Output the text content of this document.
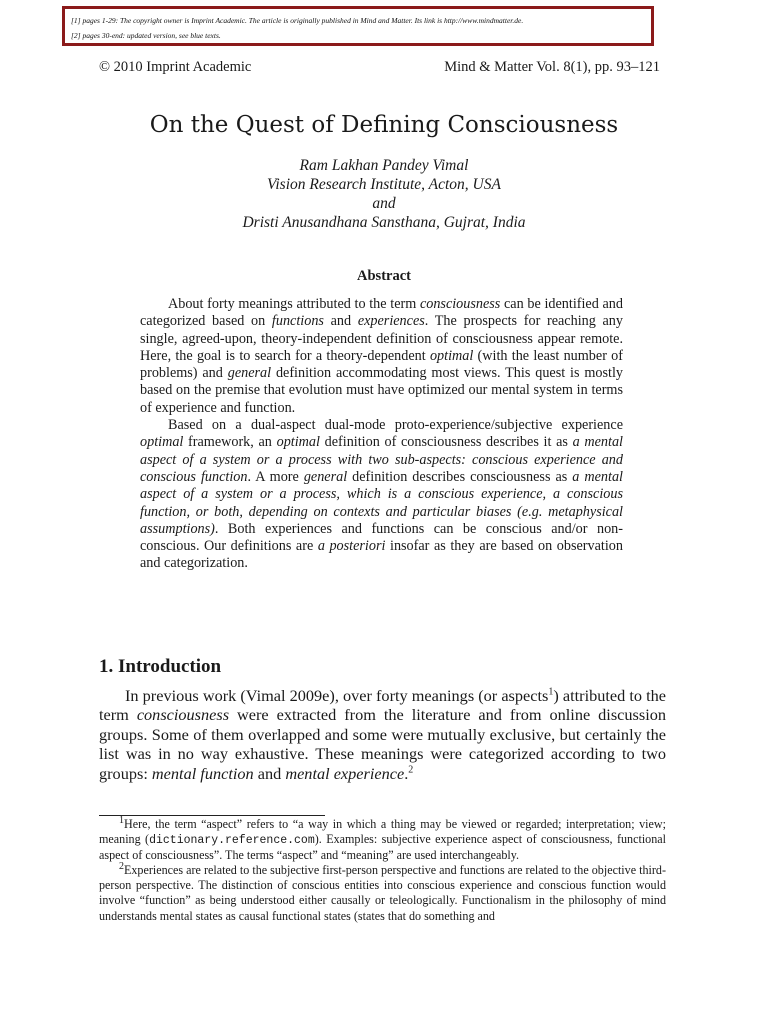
[1] pages 1-29: The copyright owner is Imprint Academic. The article is originally published in Mind and Matter. Its link is http://www.mindmatter.de.
[2] pages 30-end: updated version, see blue texts.
© 2010 Imprint Academic	Mind & Matter Vol. 8(1), pp. 93–121
On the Quest of Defining Consciousness
Ram Lakhan Pandey Vimal
Vision Research Institute, Acton, USA
and
Dristi Anusandhana Sansthana, Gujrat, India
Abstract

About forty meanings attributed to the term consciousness can be identified and categorized based on functions and experiences. The prospects for reaching any single, agreed-upon, theory-independent definition of consciousness appear remote. Here, the goal is to search for a theory-dependent optimal (with the least number of problems) and general definition accommodating most views. This quest is mostly based on the premise that evolution must have optimized our mental system in terms of experience and function.

Based on a dual-aspect dual-mode proto-experience/subjective experience optimal framework, an optimal definition of consciousness describes it as a mental aspect of a system or a process with two sub-aspects: conscious experience and conscious function. A more general definition describes consciousness as a mental aspect of a system or a process, which is a conscious experience, a conscious function, or both, depending on contexts and particular biases (e.g. metaphysical assumptions). Both experiences and functions can be conscious and/or non-conscious. Our definitions are a posteriori insofar as they are based on observation and categorization.

1. Introduction

In previous work (Vimal 2009e), over forty meanings (or aspects$^1$) attributed to the term consciousness were extracted from the literature and from online discussion groups. Some of them overlapped and some were mutually exclusive, but certainly the list was in no way exhaustive. These meanings were categorized according to two groups: mental function and mental experience.$^2$

$^1$Here, the term “aspect” refers to “a way in which a thing may be viewed or regarded; interpretation; view; meaning (dictionary.reference.com). Examples: subjective experience aspect of consciousness, functional aspect of consciousness”. The terms “aspect” and “meaning” are used interchangeably.

$^2$Experiences are related to the subjective first-person perspective and functions are related to the objective third-person perspective. The distinction of conscious entities into conscious experience and conscious function would involve “function” as being understood either causally or teleologically. Functionalism in the philosophy of mind understands mental states as causal functional states (states that do something and
